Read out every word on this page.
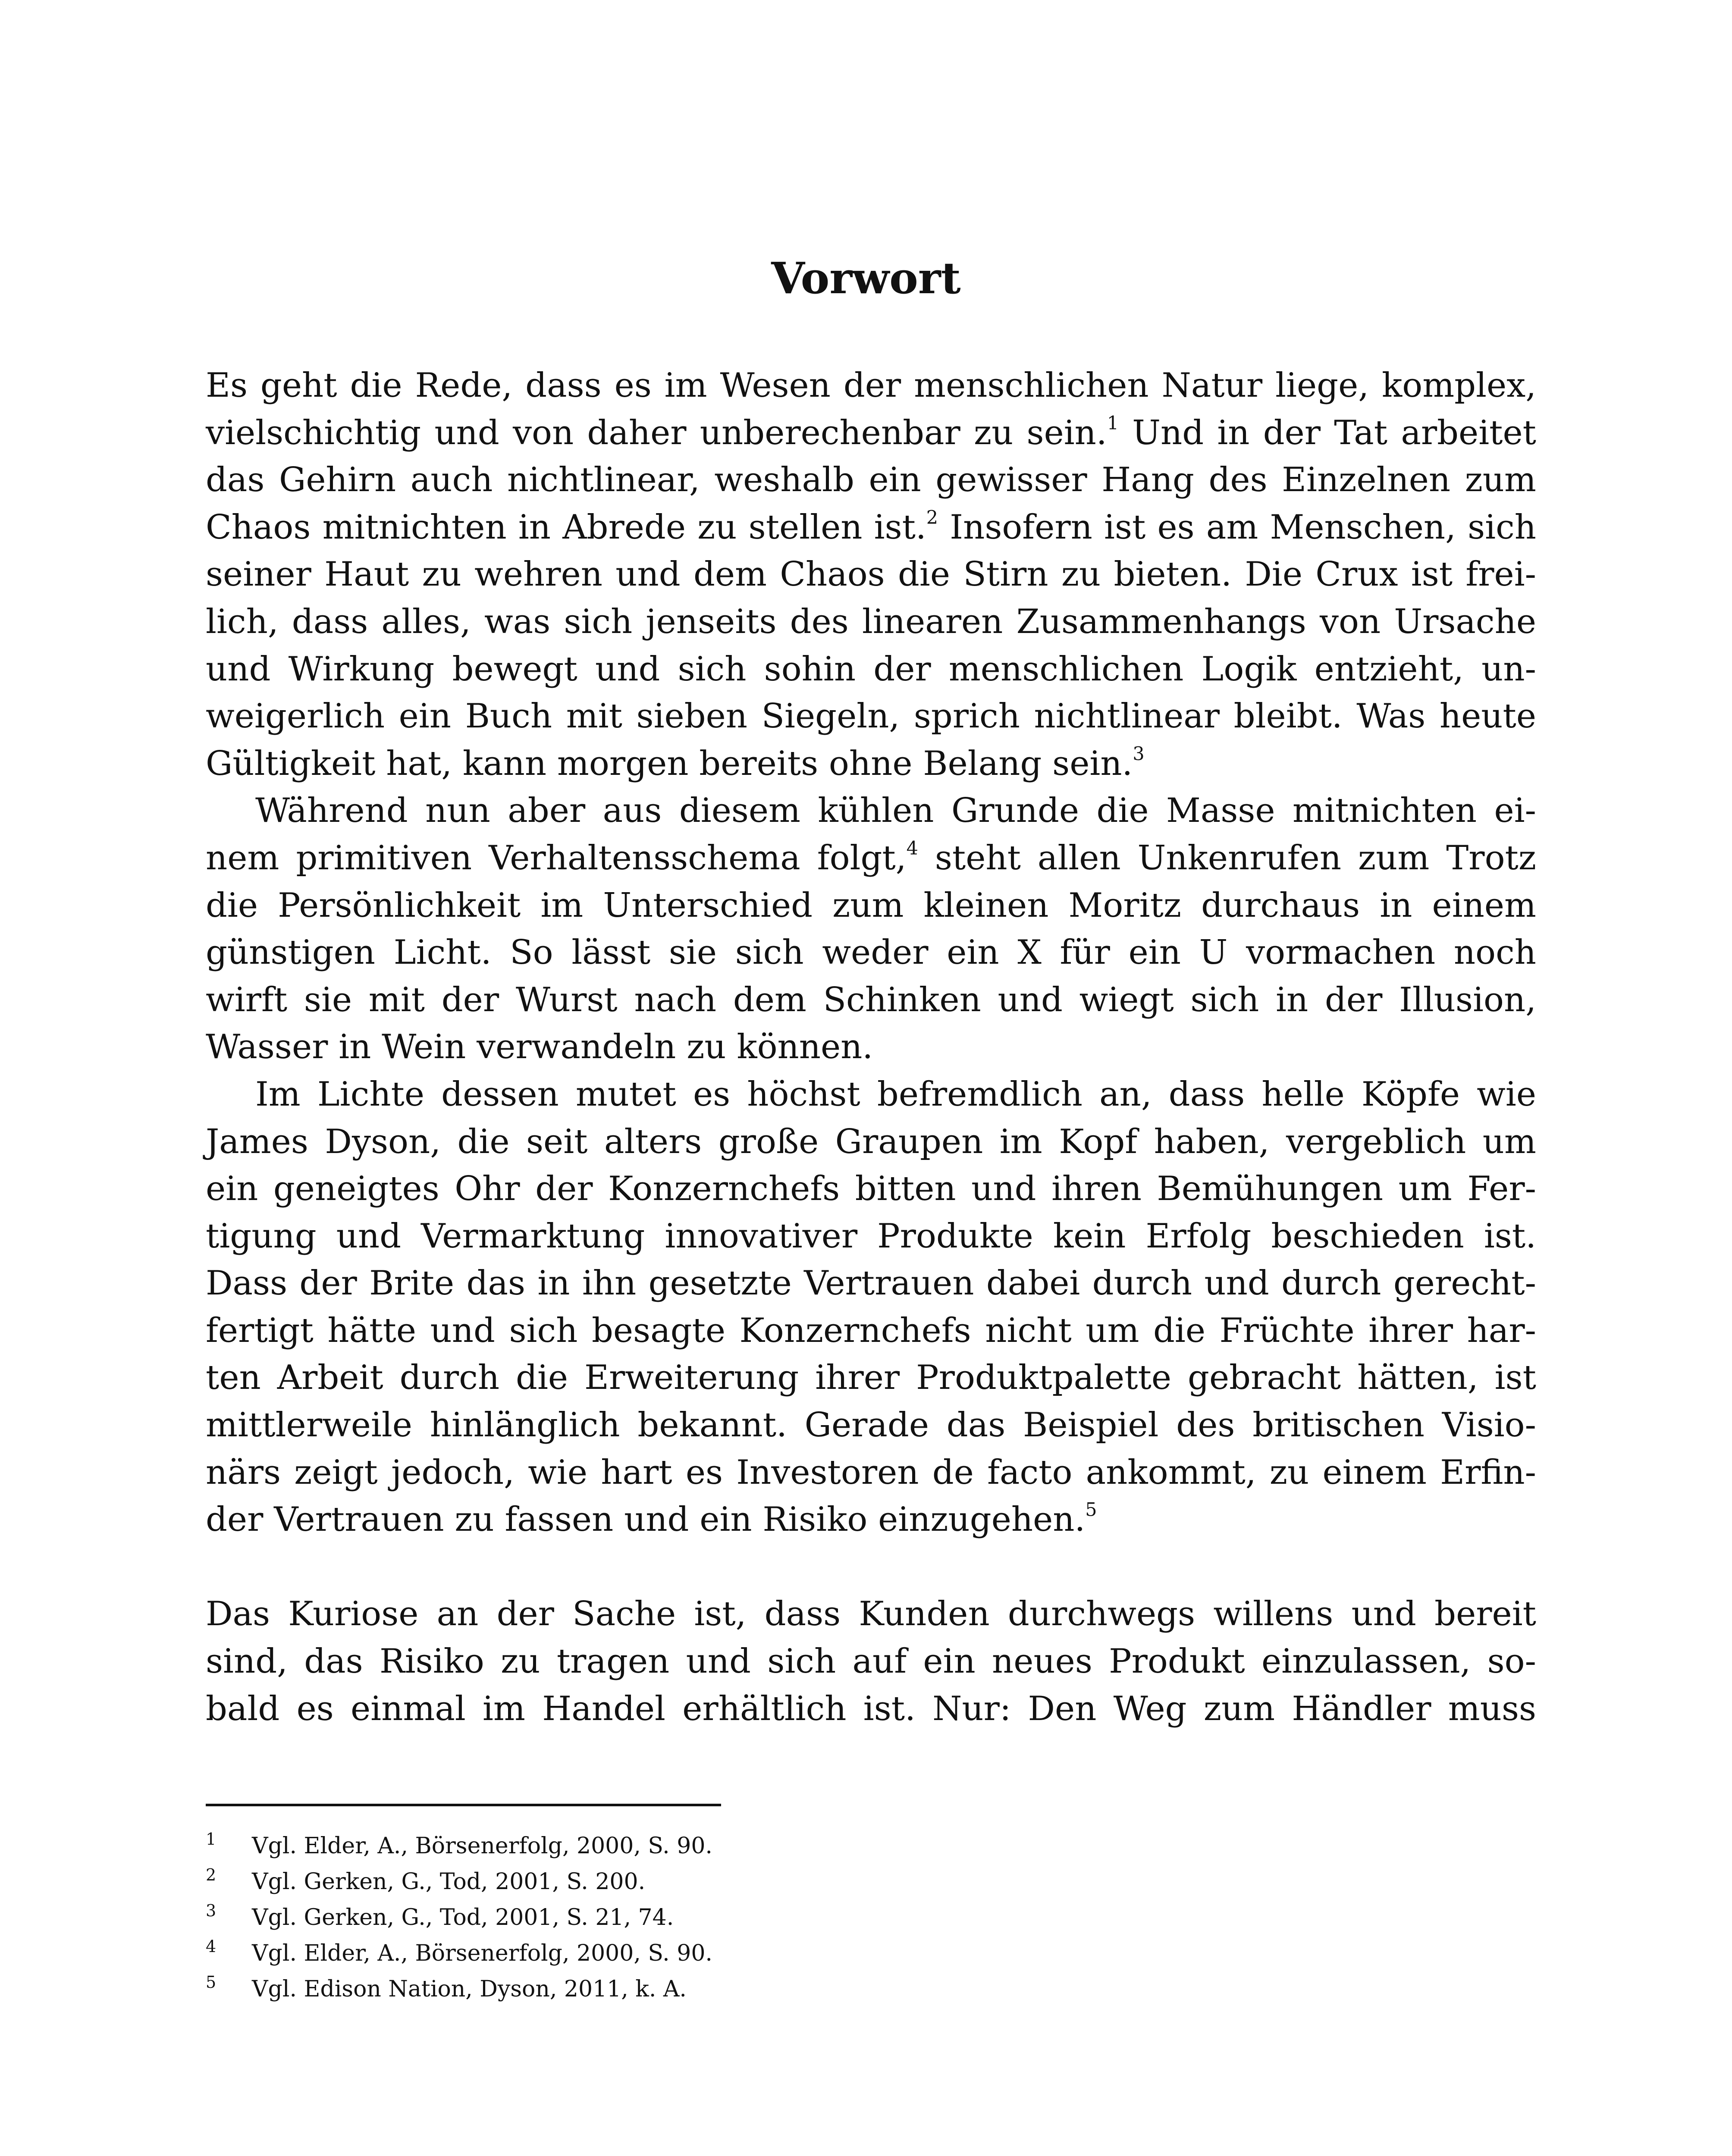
Vorwort
Es geht die Rede, dass es im Wesen der menschlichen Natur liege, komplex,
vielschichtig und von daher unberechenbar zu sein.$^1$ Und in der Tat arbeitet
das Gehirn auch nichtlinear, weshalb ein gewisser Hang des Einzelnen zum
Chaos mitnichten in Abrede zu stellen ist.$^2$ Insofern ist es am Menschen, sich
seiner Haut zu wehren und dem Chaos die Stirn zu bieten. Die Crux ist frei-
lich, dass alles, was sich jenseits des linearen Zusammenhangs von Ursache
und Wirkung bewegt und sich sohin der menschlichen Logik entzieht, un-
weigerlich ein Buch mit sieben Siegeln, sprich nichtlinear bleibt. Was heute
Gültigkeit hat, kann morgen bereits ohne Belang sein.$^3$
Während nun aber aus diesem kühlen Grunde die Masse mitnichten ei-
nem primitiven Verhaltensschema folgt,$^4$ steht allen Unkenrufen zum Trotz
die Persönlichkeit im Unterschied zum kleinen Moritz durchaus in einem
günstigen Licht. So lässt sie sich weder ein X für ein U vormachen noch
wirft sie mit der Wurst nach dem Schinken und wiegt sich in der Illusion,
Wasser in Wein verwandeln zu können.
Im Lichte dessen mutet es höchst befremdlich an, dass helle Köpfe wie
James Dyson, die seit alters große Graupen im Kopf haben, vergeblich um
ein geneigtes Ohr der Konzernchefs bitten und ihren Bemühungen um Fer-
tigung und Vermarktung innovativer Produkte kein Erfolg beschieden ist.
Dass der Brite das in ihn gesetzte Vertrauen dabei durch und durch gerecht-
fertigt hätte und sich besagte Konzernchefs nicht um die Früchte ihrer har-
ten Arbeit durch die Erweiterung ihrer Produktpalette gebracht hätten, ist
mittlerweile hinlänglich bekannt. Gerade das Beispiel des britischen Visio-
närs zeigt jedoch, wie hart es Investoren de facto ankommt, zu einem Erfin-
der Vertrauen zu fassen und ein Risiko einzugehen.$^5$
Das Kuriose an der Sache ist, dass Kunden durchwegs willens und bereit
sind, das Risiko zu tragen und sich auf ein neues Produkt einzulassen, so-
bald es einmal im Handel erhältlich ist. Nur: Den Weg zum Händler muss
1 Vgl. Elder, A., Börsenerfolg, 2000, S. 90.
2 Vgl. Gerken, G., Tod, 2001, S. 200.
3 Vgl. Gerken, G., Tod, 2001, S. 21, 74.
4 Vgl. Elder, A., Börsenerfolg, 2000, S. 90.
5 Vgl. Edison Nation, Dyson, 2011, k. A.
